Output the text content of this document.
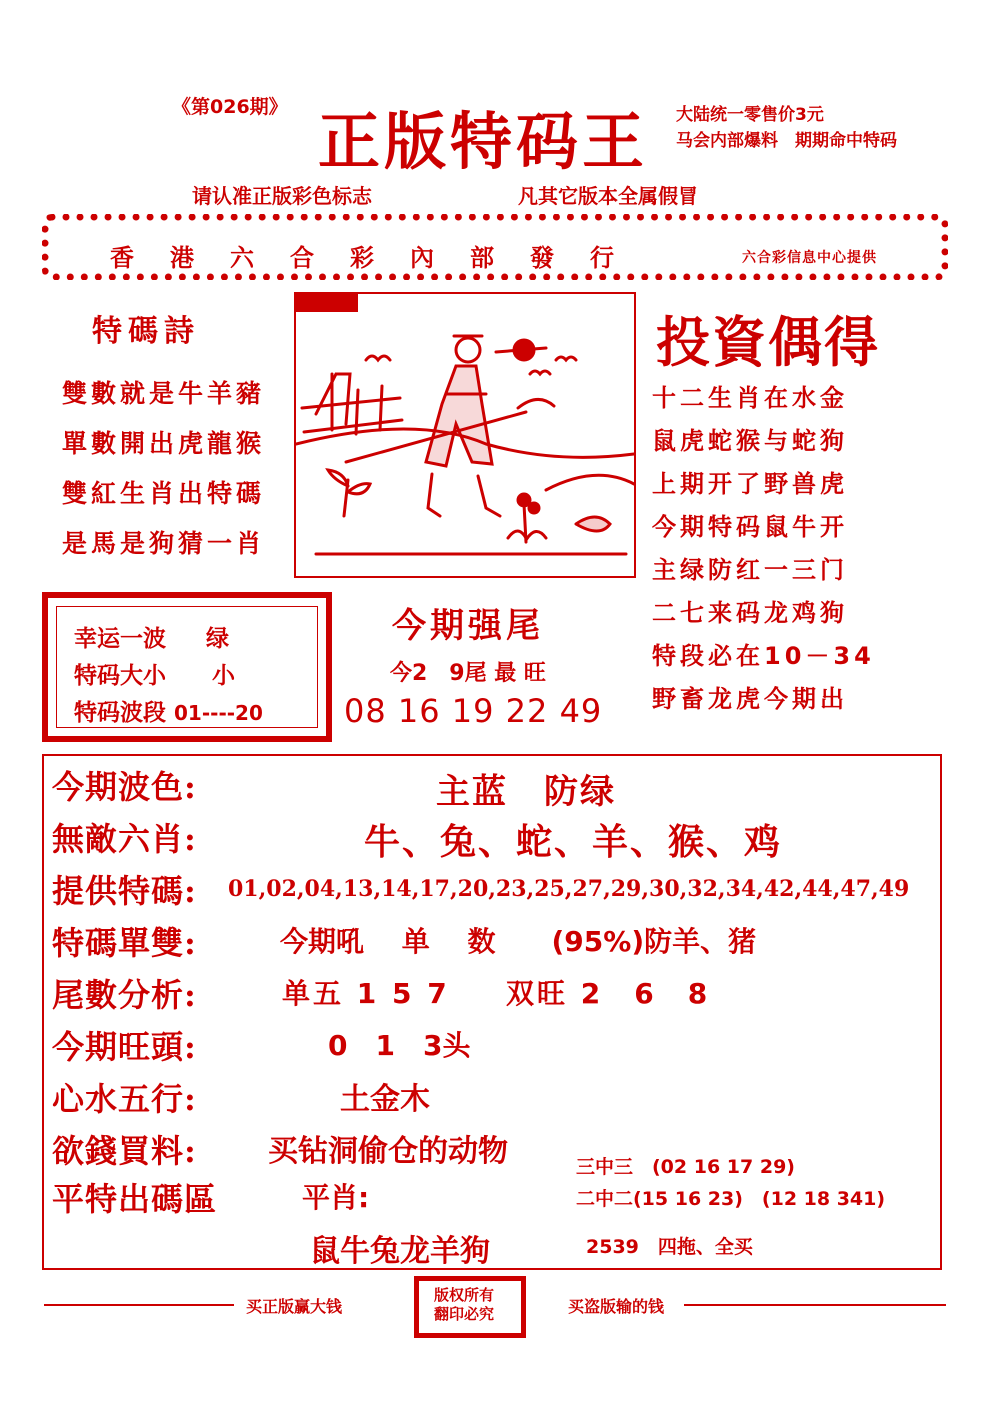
《第026期》 正版特码王 大陆统一零售价3元
马会内部爆料　期期命中特码
请认准正版彩色标志	凡其它版本全属假冒
香港六合彩內部發行	六合彩信息中心提供
特碼詩
雙數就是牛羊豬
單數開出虎龍猴
雙紅生肖出特碼
是馬是狗猜一肖
投資偶得
十二生肖在水金
鼠虎蛇猴与蛇狗
上期开了野兽虎
今期特码鼠牛开
主绿防红一三门
二七来码龙鸡狗
特段必在10－34
野畜龙虎今期出
幸运一波 绿
特码大小 小
特码波段 01----20
今期强尾
今2　9尾 最 旺
08 16 19 22 49
今期波色:	主蓝　防绿
無敵六肖:	牛、兔、蛇、羊、猴、鸡
提供特碼: 01,02,04,13,14,17,20,23,25,27,29,30,32,34,42,44,47,49
特碼單雙:	今期吼　 单　 数　　(95%)防羊、猪
尾數分析:	单五 1 5 7 双旺 2　6　8
今期旺頭:	0　1　3头
心水五行:	土金木
欲錢買料: 买钻洞偷仓的动物
平特出碼區	平肖:
鼠牛兔龙羊狗
三中三　(02 16 17 29)
二中二(15 16 23)　(12 18 341)
2539　四拖、全买
买正版赢大钱
版权所有
翻印必究	买盗版输的钱
